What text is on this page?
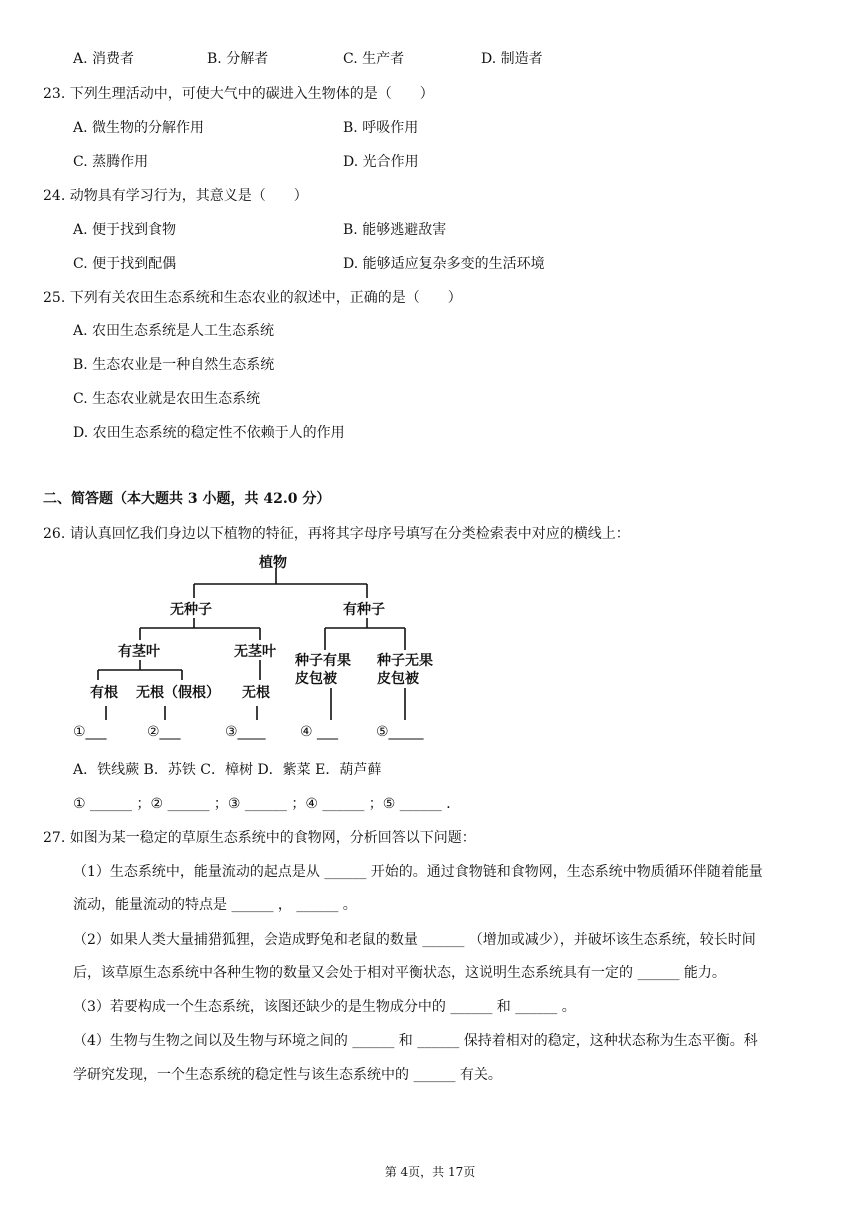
A. 消费者	B. 分解者	C. 生产者	D. 制造者
23. 下列生理活动中，可使大气中的碳进入生物体的是（　　）
A. 微生物的分解作用	B. 呼吸作用
C. 蒸腾作用	D. 光合作用
24. 动物具有学习行为，其意义是（　　）
A. 便于找到食物	B. 能够逃避敌害
C. 便于找到配偶	D. 能够适应复杂多变的生活环境
25. 下列有关农田生态系统和生态农业的叙述中，正确的是（　　）
A. 农田生态系统是人工生态系统
B. 生态农业是一种自然生态系统
C. 生态农业就是农田生态系统
D. 农田生态系统的稳定性不依赖于人的作用
二、简答题（本大题共 3 小题，共 42.0 分）
26. 请认真回忆我们身边以下植物的特征，再将其字母序号填写在分类检索表中对应的横线上：
植物
无种子	有种子
有茎叶	无茎叶
种子有果
皮包被
种子无果
皮包被
有根 无根（假根） 无根
①___	②___	③____ ④ ___	⑤_____
A．铁线蕨 B．苏铁 C．樟树 D．紫菜 E．葫芦藓
① ______ ；② ______ ；③ ______ ；④ ______ ；⑤ ______ ．
27. 如图为某一稳定的草原生态系统中的食物网，分析回答以下问题：
（1）生态系统中，能量流动的起点是从 ______ 开始的。通过食物链和食物网，生态系统中物质循环伴随着能量
流动，能量流动的特点是 ______ ， ______ 。
（2）如果人类大量捕猎狐狸，会造成野兔和老鼠的数量 ______ （增加或减少），并破坏该生态系统，较长时间
后，该草原生态系统中各种生物的数量又会处于相对平衡状态，这说明生态系统具有一定的 ______ 能力。
（3）若要构成一个生态系统，该图还缺少的是生物成分中的 ______ 和 ______ 。
（4）生物与生物之间以及生物与环境之间的 ______ 和 ______ 保持着相对的稳定，这种状态称为生态平衡。科
学研究发现，一个生态系统的稳定性与该生态系统中的 ______ 有关。
第 4页，共 17页
